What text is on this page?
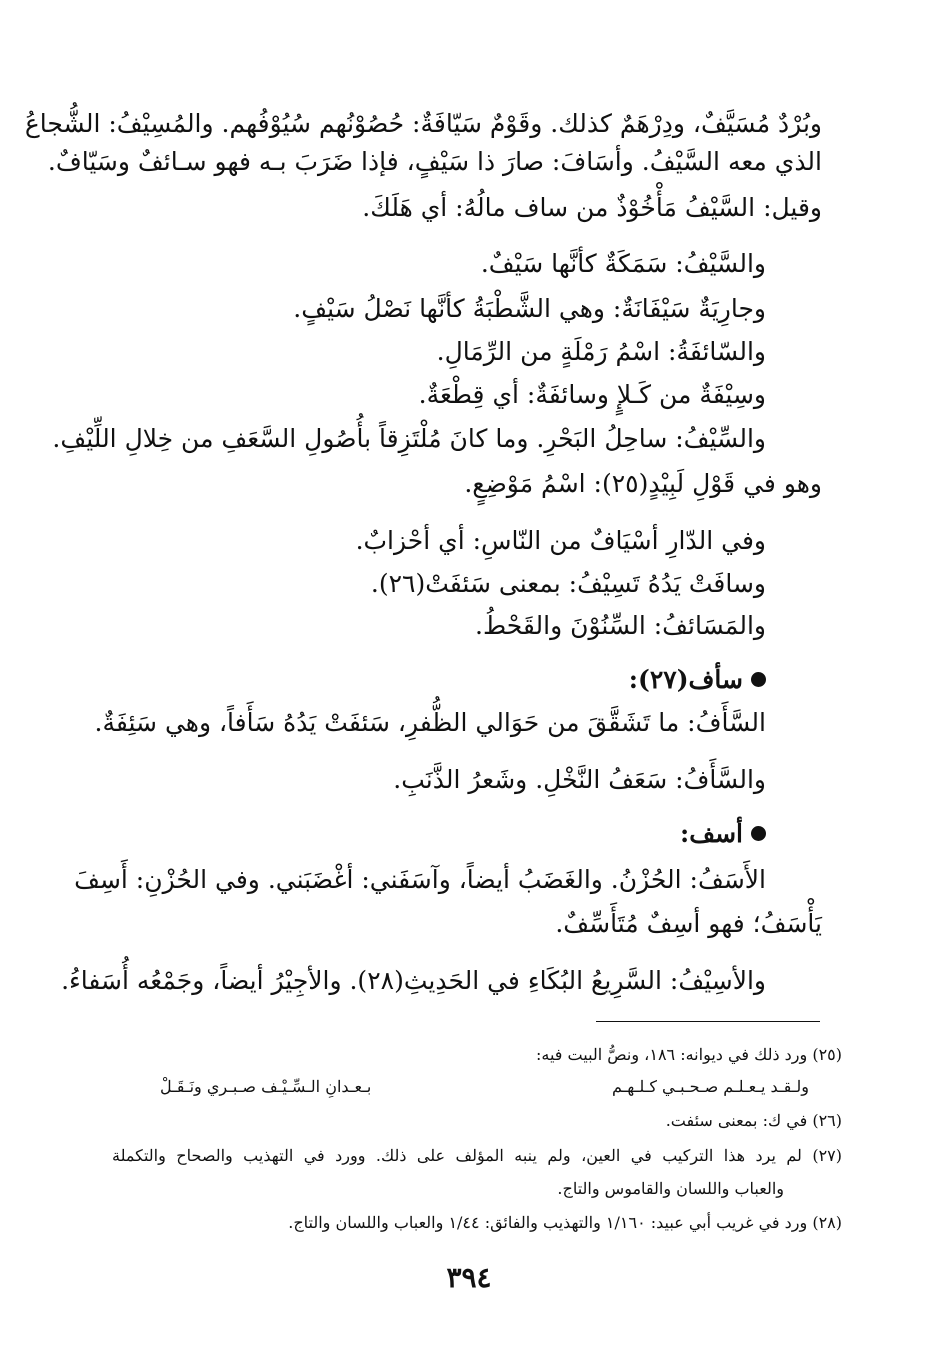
وبُرْدٌ مُسَيَّفٌ، ودِرْهَمٌ كذلك. وقَوْمٌ سَيّافَةٌ: حُصُوْنُهم سُيُوْفُهم. والمُسِيْفُ: الشُّجاعُ
الذي معه السَّيْفُ. وأسَافَ: صارَ ذا سَيْفٍ، فإذا ضَرَبَ بـه فهو سـائفٌ وسَيّافٌ.
وقيل: السَّيْفُ مَأْخُوْذٌ من ساف مالُهُ: أي هَلَكَ.
والسَّيْفُ: سَمَكَةٌ كأنَّها سَيْفٌ.
وجارِيَةٌ سَيْفَانَةٌ: وهي الشَّطْبَةُ كأنَّها نَصْلُ سَيْفٍ.
والسّائفَةُ: اسْمُ رَمْلَةٍ من الرِّمَالِ.
وسِيْفَةٌ من كَـلإٍ وسائفَةٌ: أي قِطْعَةٌ.
والسِّيْفُ: ساحِلُ البَحْرِ. وما كانَ مُلْتَزِقاً بأُصُولِ السَّعَفِ من خِلالِ اللِّيْفِ.
وهو في قَوْلِ لَبِيْدٍ(٢٥): اسْمُ مَوْضِعٍ.
وفي الدّارِ أسْيَافٌ من النّاسِ: أي أحْزابٌ.
وسافَتْ يَدُهُ تَسِيْفُ: بمعنى سَئفَتْ(٢٦).
والمَسَائفُ: السِّنُوْنَ والقَحْطُ.
سأف(٢٧):
السَّأَفُ: ما تَشَقَّقَ من حَوَالي الظُّفرِ، سَئفَتْ يَدُهُ سَأَفاً، وهي سَئِفَةٌ.
والسَّأَفُ: سَعَفُ النَّخْلِ. وشَعرُ الذَّنَبِ.
أسف:
الأَسَفُ: الحُزْنُ. والغَضَبُ أيضاً، وآسَفَني: أغْضَبَني. وفي الحُزْنِ: أَسِفَ
يَأْسَفُ؛ فهو أسِفٌ مُتَأَسِّفٌ.
والأسِيْفُ: السَّرِيعُ البُكَاءِ في الحَدِيثِ(٢٨). والأجِيْرُ أيضاً، وجَمْعُه أُسَفاءُ.
(٢٥) ورد ذلك في ديوانه: ١٨٦، ونصُّ البيت فيه:
ولـقـد يـعـلـم صـحـبـي كـلـهـم
بـعـدانِ الـسِّـيْـف صـبـري ونَـقَـلْ
(٢٦) في ك: بمعنى سئفت.
(٢٧) لم يرد هذا التركيب في العين، ولم ينبه المؤلف على ذلك. وورد في التهذيب والصحاح والتكملة
والعباب واللسان والقاموس والتاج.
(٢٨) ورد في غريب أبي عبيد: ١/١٦٠ والتهذيب والفائق: ١/٤٤ والعباب واللسان والتاج.
٣٩٤
